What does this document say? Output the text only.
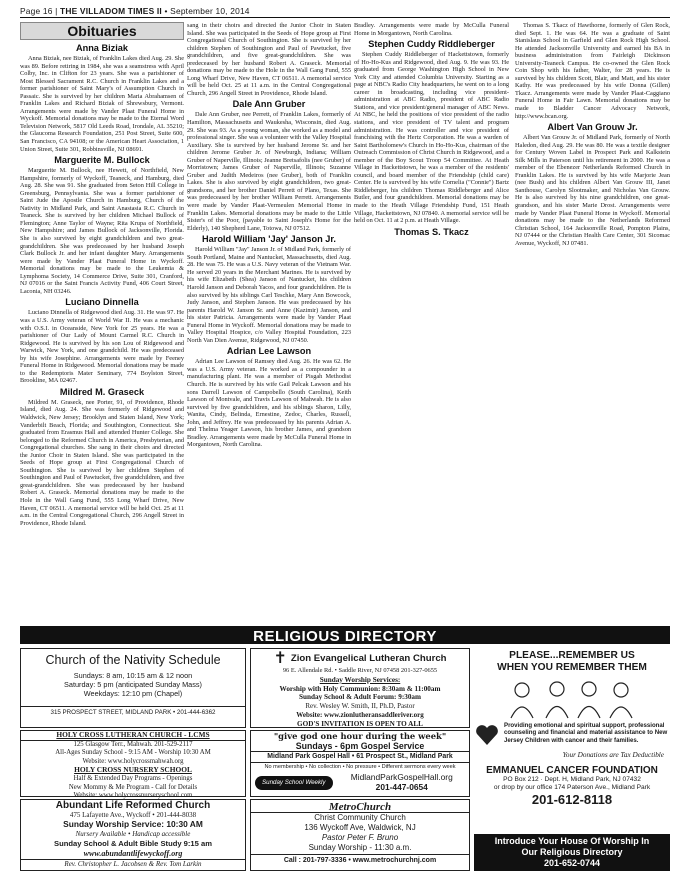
Page 16 | THE VILLADOM TIMES II • September 10, 2014
Obituaries
Anna Biziak

Anna Biziak, nee Biziak, of Franklin Lakes died Aug. 29. She was 89. Before retiring in 1984, she was a seamstress with April Colby, Inc. in Clifton for 23 years. She was a parishioner of Most Blessed Sacrament R.C. Church in Franklin Lakes and a former parishioner of Saint Mary's of Assumption Church in Passaic. She is survived by her children Maria Abrahamsen of Franklin Lakes and Richard Biziak of Shrewsbury, Vermont. Arrangements were made by Vander Plaat Funeral Home in Wyckoff. Memorial donations may be made to the Eternal Word Television Network, 5817 Old Leeds Road, Irondale, AL 35210; the Glaucoma Research Foundation, 251 Post Street, Suite 600, San Francisco, CA 94108; or the American Heart Association, 1 Union Street, Suite 301, Robbinsville, NJ 08691.

Marguerite M. Bullock

Marguerite M. Bullock, nee Hewett, of Northfield, New Hampshire, formerly of Wyckoff, Teaneck, and Hamburg, died Aug. 28. She was 91. She graduated from Seton Hill College in Greensburg, Pennsylvania. She was a former parishioner of Saint Jude the Apostle Church in Hamburg, Church of the Nativity in Midland Park, and Saint Anastasia R.C. Church in Teaneck. She is survived by her children Michael Bullock of Flemington; Anne Taylor of Wayne; Rita Krupa of Northfield, New Hampshire; and James Bullock of Jacksonville, Florida. She is also survived by eight grandchildren and two great-grandchildren. She was predeceased by her husband Joseph Clark Bullock Jr. and her infant daughter Mary. Arrangements were made by Vander Plaat Funeral Home in Wyckoff. Memorial donations may be made to the Leukemia & Lymphoma Society, 14 Commerce Drive, Suite 301, Cranford, NJ 07016 or the Saint Francis Activity Fund, 406 Court Street, Laconia, NH 03246.

Luciano Dinnella

Luciano Dinnella of Ridgewood died Aug. 31. He was 97. He was a U.S. Army veteran of World War II. He was a mechanic with O.S.I. in Oceanside, New York for 25 years. He was a parishioner of Our Lady of Mount Carmel R.C. Church in Ridgewood. He is survived by his son Lou of Ridgewood and Warwick, New York, and one grandchild. He was predeceased by his wife Josephine. Arrangements were made by Feeney Funeral Home in Ridgewood. Memorial donations may be made to the Redemptoris Mater Seminary, 774 Boylston Street, Brookline, MA 02467.

Mildred M. Graseck

Mildred M. Graseck, nee Porter, 91, of Providence, Rhode Island, died Aug. 24. She was formerly of Ridgewood and Waldwick, New Jersey; Brooklyn and Staten Island, New York; Vanderbilt Beach, Florida; and Southington, Connecticut. She graduated from Erasmus Hall and attended Hunter College. She belonged to the Reformed Church in America, Presbyterian, and Congregational churches. She sang in their choirs and directed the Junior Choir in Staten Island. She was participated in the Seeds of Hope group at First Congregational Church of Southington. She is survived by her children Stephen of Southington and Paul of Pawtucket, five grandchildren, and five great-grandchildren. She was predeceased by her husband Robert A. Graseck. Memorial donations may be made to the Hole in the Wall Gang Fund, 555 Long Wharf Drive, New Haven, CT 06511. A memorial service will be held Oct. 25 at 11 a.m. in the Central Congregational Church, 296 Angell Street in Providence, Rhode Island.

sang in their choirs and directed the Junior Choir in Staten Island. She was participated in the Seeds of Hope group at First Congregational Church of Southington. She is survived by her children Stephen of Southington and Paul of Pawtucket, five grandchildren, and five great-grandchildren. She was predeceased by her husband Robert A. Graseck. Memorial donations may be made to the Hole in the Wall Gang Fund, 555 Long Wharf Drive, New Haven, CT 06511. A memorial service will be held Oct. 25 at 11 a.m. in the Central Congregational Church, 296 Angell Street in Providence, Rhode Island.

Dale Ann Gruber

Dale Ann Gruber, nee Perrett, of Franklin Lakes, formerly of Hamilton, Massachusetts and Waukesha, Wisconsin, died Aug. 29. She was 93. As a young woman, she worked as a model and professional singer. She was a volunteer with the Valley Hospital Auxiliary. She is survived by her husband Jerome Sr. and her children Jerome Gruber Jr. of Newburgh, Indiana; William Gruber of Naperville, Illinois; Jeanne Bretsafolis (nee Gruber) of Morristown; James Gruber of Naperville, Illinois; Suzanne Gruber and Judith Medeiros (nee Gruber), both of Franklin Lakes. She is also survived by eight grandchildren, two great-grandsons, and her brother Daniel Perrett of Plano, Texas. She was predeceased by her brother William Perrett. Arrangements were made by Vander Plaat-Vermeulen Memorial Home in Franklin Lakes. Memorial donations may be made to the Little Sister's of the Poor, (payable to Saint Joseph's Home for the Elderly), 140 Shepherd Lane, Totowa, NJ 07512.

Harold William 'Jay' Janson Jr.

Harold William "Jay" Janson Jr. of Midland Park, formerly of South Portland, Maine and Nantucket, Massachusetts, died Aug. 28. He was 75. He was a U.S. Navy veteran of the Vietnam War. He served 20 years in the Merchant Marines. He is survived by his wife Elizabeth (Shea) Janson of Nantucket, his children Harold Janson and Deborah Yacos, and four grandchildren. He is also survived by his siblings Carl Teschke, Mary Ann Bowcock, Judy Janson, and Stephen Janson. He was predeceased by his parents Harold W. Janson Sr. and Anne (Kazimir) Janson, and his sister Patricia. Arrangements were made by Vander Plaat Funeral Home in Wyckoff. Memorial donations may be made to Valley Hospital Hospice, c/o Valley Hospital Foundation, 223 North Van Dien Avenue, Ridgewood, NJ 07450.

Adrian Lee Lawson

Adrian Lee Lawson of Ramsey died Aug. 26. He was 62. He was a U.S. Army veteran. He worked as a compounder in a manufacturing plant. He was a member of Pisgah Methodist Church. He is survived by his wife Gail Pelcak Lawson and his sons Darrell Lawson of Campobello (South Carolina), Keith Lawson of Montvale, and Travis Lawson of Mahwah. He is also survived by five grandchildren, and his siblings Sharon, Lilly, Wanita, Cindy, Belinda, Ernestine, Zedoc, Charles, Russell, John, and Jeffrey. He was predeceased by his parents Adrian A. and Thelma Yeager Lawson, his brother James, and grandson Bradley. Arrangements were made by McCulla Funeral Home in Morgantown, North Carolina.

Bradley. Arrangements were made by McCulla Funeral Home in Morgantown, North Carolina.

Stephen Cuddy Riddleberger

Stephen Cuddy Riddleberger of Hackettstown, formerly of Ho-Ho-Kus and Ridgewood, died Aug. 9. He was 93. He graduated from George Washington High School in New York City and attended Columbia University. Starting as a page at NBC's Radio City headquarters, he went on to a long career in broadcasting, including vice president-administration at ABC Radio, president of ABC Radio Stations, and vice president/general manager of ABC News. At NBC, he held the positions of vice president of the radio stations, and vice president of TV talent and program administration. He was controller and vice president of franchising with the Hertz Corporation. He was a warden of Saint Bartholomew's Church in Ho-Ho-Kus, chairman of the Outreach Commission of Christ Church in Ridgewood, and a member of the Boy Scout Troop 54 Committee. At Heath Village in Hackettstown, he was a member of the residents' council, and board member of the Friendship (child care) Center. He is survived by his wife Cornelia ("Connie") Bartz Riddleberger, his children Thomas Riddleberger and Alice Butler, and four grandchildren. Memorial donations may be made to the Heath Village Friendship Fund, 151 Heath Village, Hackettstown, NJ 07840. A memorial service will be held on Oct. 11 at 2 p.m. at Heath Village.

Thomas S. Tkacz

Thomas S. Tkacz of Hawthorne, formerly of Glen Rock, died Sept. 1. He was 64. He was a graduate of Saint Stanislaus School in Garfield and Glen Rock High School. He attended Jacksonville University and earned his BA in business administration from Fairleigh Dickinson University-Teaneck Campus. He co-owned the Glen Rock Coin Shop with his father, Walter, for 28 years. He is survived by his children Scott, Blair, and Matt, and his sister Kathy. He was predeceased by his wife Donna (Gillen) Tkacz. Arrangements were made by Vander Plaat-Caggiano Funeral Home in Fair Lawn. Memorial donations may be made to Bladder Cancer Advocacy Network, http://www.bcan.org.

Albert Van Grouw Jr.

Albert Van Grouw Jr. of Midland Park, formerly of North Haledon, died Aug. 29. He was 80. He was a textile designer for Century Woven Label in Prospect Park and Kalkstein Silk Mills in Paterson until his retirement in 2000. He was a member of the Ebenezer Netherlands Reformed Church in Franklin Lakes. He is survived by his wife Marjorie Jean (nee Bush) and his children Albert Van Grouw III, Janet Santhouse, Carolyn Slootmaker, and Nicholas Van Grouw. He is also survived by his nine grandchildren, one great-grandson, and his sister Marie Drost. Arrangements were made by Vander Plaat Funeral Home in Wyckoff. Memorial donations may be made to the Netherlands Reformed Christian School, 164 Jacksonville Road, Pompton Plains, NJ 07444 or the Christian Health Care Center, 301 Sicomac Avenue, Wyckoff, NJ 07481.

RELIGIOUS DIRECTORY
Church of the Nativity Schedule
Sundays: 8 am, 10:15 am & 12 noon
Saturday: 5 pm (anticipated Sunday Mass)
Weekdays: 12:10 pm (Chapel)
315 PROSPECT STREET, MIDLAND PARK • 201-444-6362
HOLY CROSS LUTHERAN CHURCH - LCMS
125 Glasgow Terr., Mahwah. 201-529-2117
All-Ages Sunday School - 9:15 AM - Worship 10:30 AM
Website: www.holycrossmahwah.org
HOLY CROSS NURSERY SCHOOL
Half & Extended Day Programs - Openings
New Mommy & Me Program - Call for Details
Website: www.holycrossnurseryschool.com
Abundant Life Reformed Church
475 Lafayette Ave., Wyckoff • 201-444-8038
Sunday Worship Service: 10:30 AM
Nursery Available • Handicap accessible
Sunday School & Adult Bible Study 9:15 am
www.abundantlifewyckoff.org
Rev. Christopher L. Jacobsen & Rev. Tom Larkin
✝ Zion Evangelical Lutheran Church
96 E. Allendale Rd. • Saddle River, NJ 07458 201-327-0655
Sunday Worship Services:
Worship with Holy Communion: 8:30am & 11:00am
Sunday School & Adult Forum: 9:30am
Rev. Wesley W. Smith, II, Ph.D, Pastor
Website: www.zionlutheransaddleriver.org
GOD'S INVITATION IS OPEN TO ALL
"give god one hour during the week"
Sundays - 6pm Gospel Service
Midland Park Gospel Hall • 61 Prospect St., Midland Park
No membership • No collection • No pressure • Different sermons every week
Sunday School Weekly
MidlandParkGospelHall.org
201-447-0654
MetroChurch
Christ Community Church
136 Wyckoff Ave, Waldwick, NJ
Pastor Peter F. Bruno
Sunday Worship - 11:30 a.m.
Call : 201-797-3336 • www.metrochurchnj.com
PLEASE...REMEMBER US
WHEN YOU REMEMBER THEM
Providing emotional and spiritual support, professional counseling and financial and material assistance to New Jersey Children with cancer and their families.
Your Donations are Tax Deductible
EMMANUEL CANCER FOUNDATION
PO Box 212 · Dept. H, Midland Park, NJ 07432
or drop by our office 174 Paterson Ave., Midland Park
201-612-8118
Introduce Your House Of Worship In
Our Religious Directory
201-652-0744
